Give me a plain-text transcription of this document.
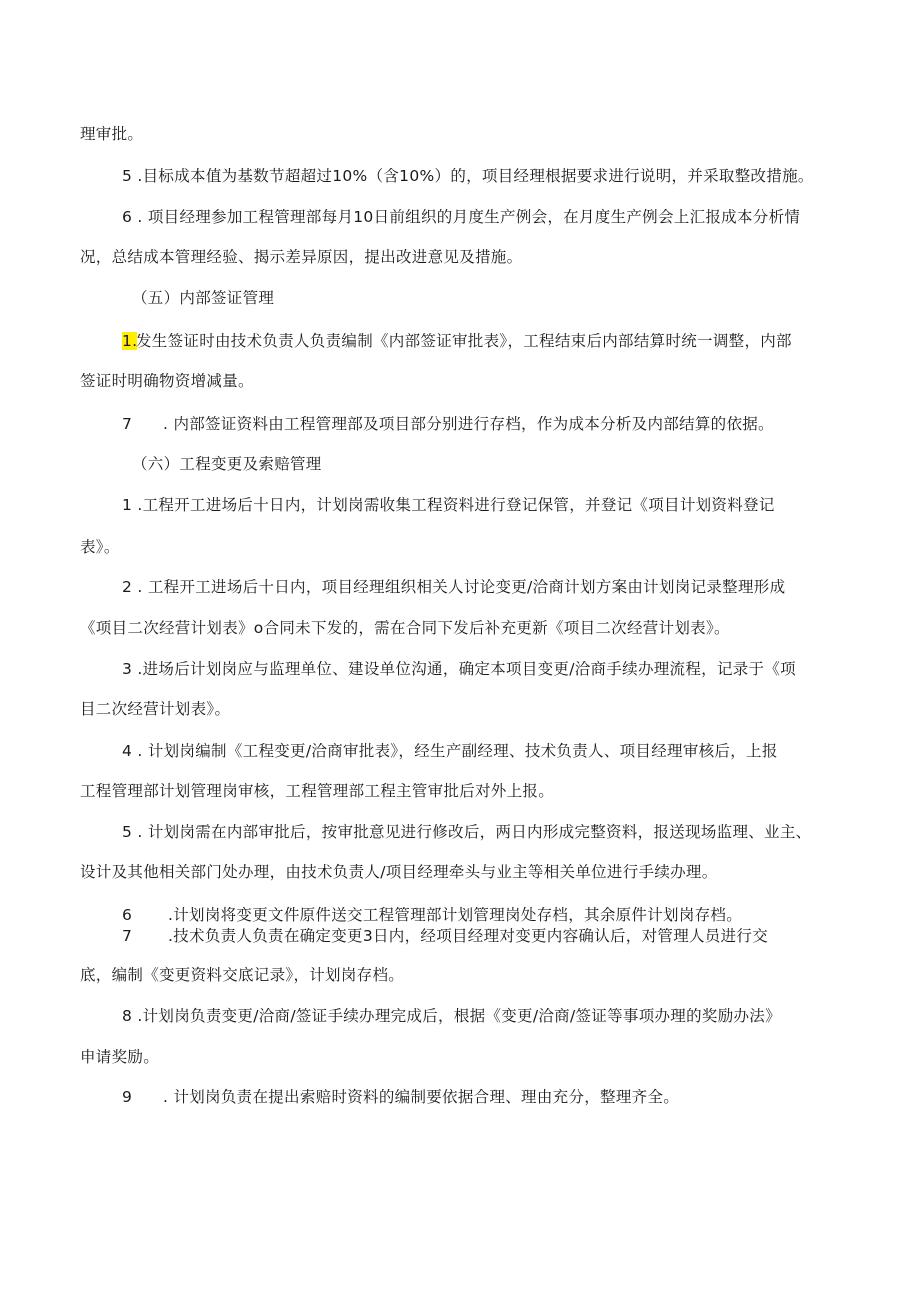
理审批。
5 .目标成本值为基数节超超过10%（含10%）的，项目经理根据要求进行说明，并采取整改措施。
6 . 项目经理参加工程管理部每月10日前组织的月度生产例会，在月度生产例会上汇报成本分析情
况，总结成本管理经验、揭示差异原因，提出改进意见及措施。
（五）内部签证管理
1.
发生签证时由技术负责人负责编制《内部签证审批表》，工程结束后内部结算时统一调整，内部
签证时明确物资增减量。
7 . 内部签证资料由工程管理部及项目部分别进行存档，作为成本分析及内部结算的依据。
（六）工程变更及索赔管理
1 .工程开工进场后十日内，计划岗需收集工程资料进行登记保管，并登记《项目计划资料登记
表》。
2 . 工程开工进场后十日内，项目经理组织相关人讨论变更/洽商计划方案由计划岗记录整理形成
《项目二次经营计划表》o合同未下发的，需在合同下发后补充更新《项目二次经营计划表》。
3 .进场后计划岗应与监理单位、建设单位沟通，确定本项目变更/洽商手续办理流程，记录于《项
目二次经营计划表》。
4 . 计划岗编制《工程变更/洽商审批表》，经生产副经理、技术负责人、项目经理审核后，上报
工程管理部计划管理岗审核，工程管理部工程主管审批后对外上报。
5 . 计划岗需在内部审批后，按审批意见进行修改后，两日内形成完整资料，报送现场监理、业主、
设计及其他相关部门处办理，由技术负责人/项目经理牵头与业主等相关单位进行手续办理。
6 .计划岗将变更文件原件送交工程管理部计划管理岗处存档，其余原件计划岗存档。
7 .技术负责人负责在确定变更3日内，经项目经理对变更内容确认后，对管理人员进行交
底，编制《变更资料交底记录》，计划岗存档。
8 .计划岗负责变更/洽商/签证手续办理完成后，根据《变更/洽商/签证等事项办理的奖励办法》
申请奖励。
9 . 计划岗负责在提出索赔时资料的编制要依据合理、理由充分，整理齐全。
